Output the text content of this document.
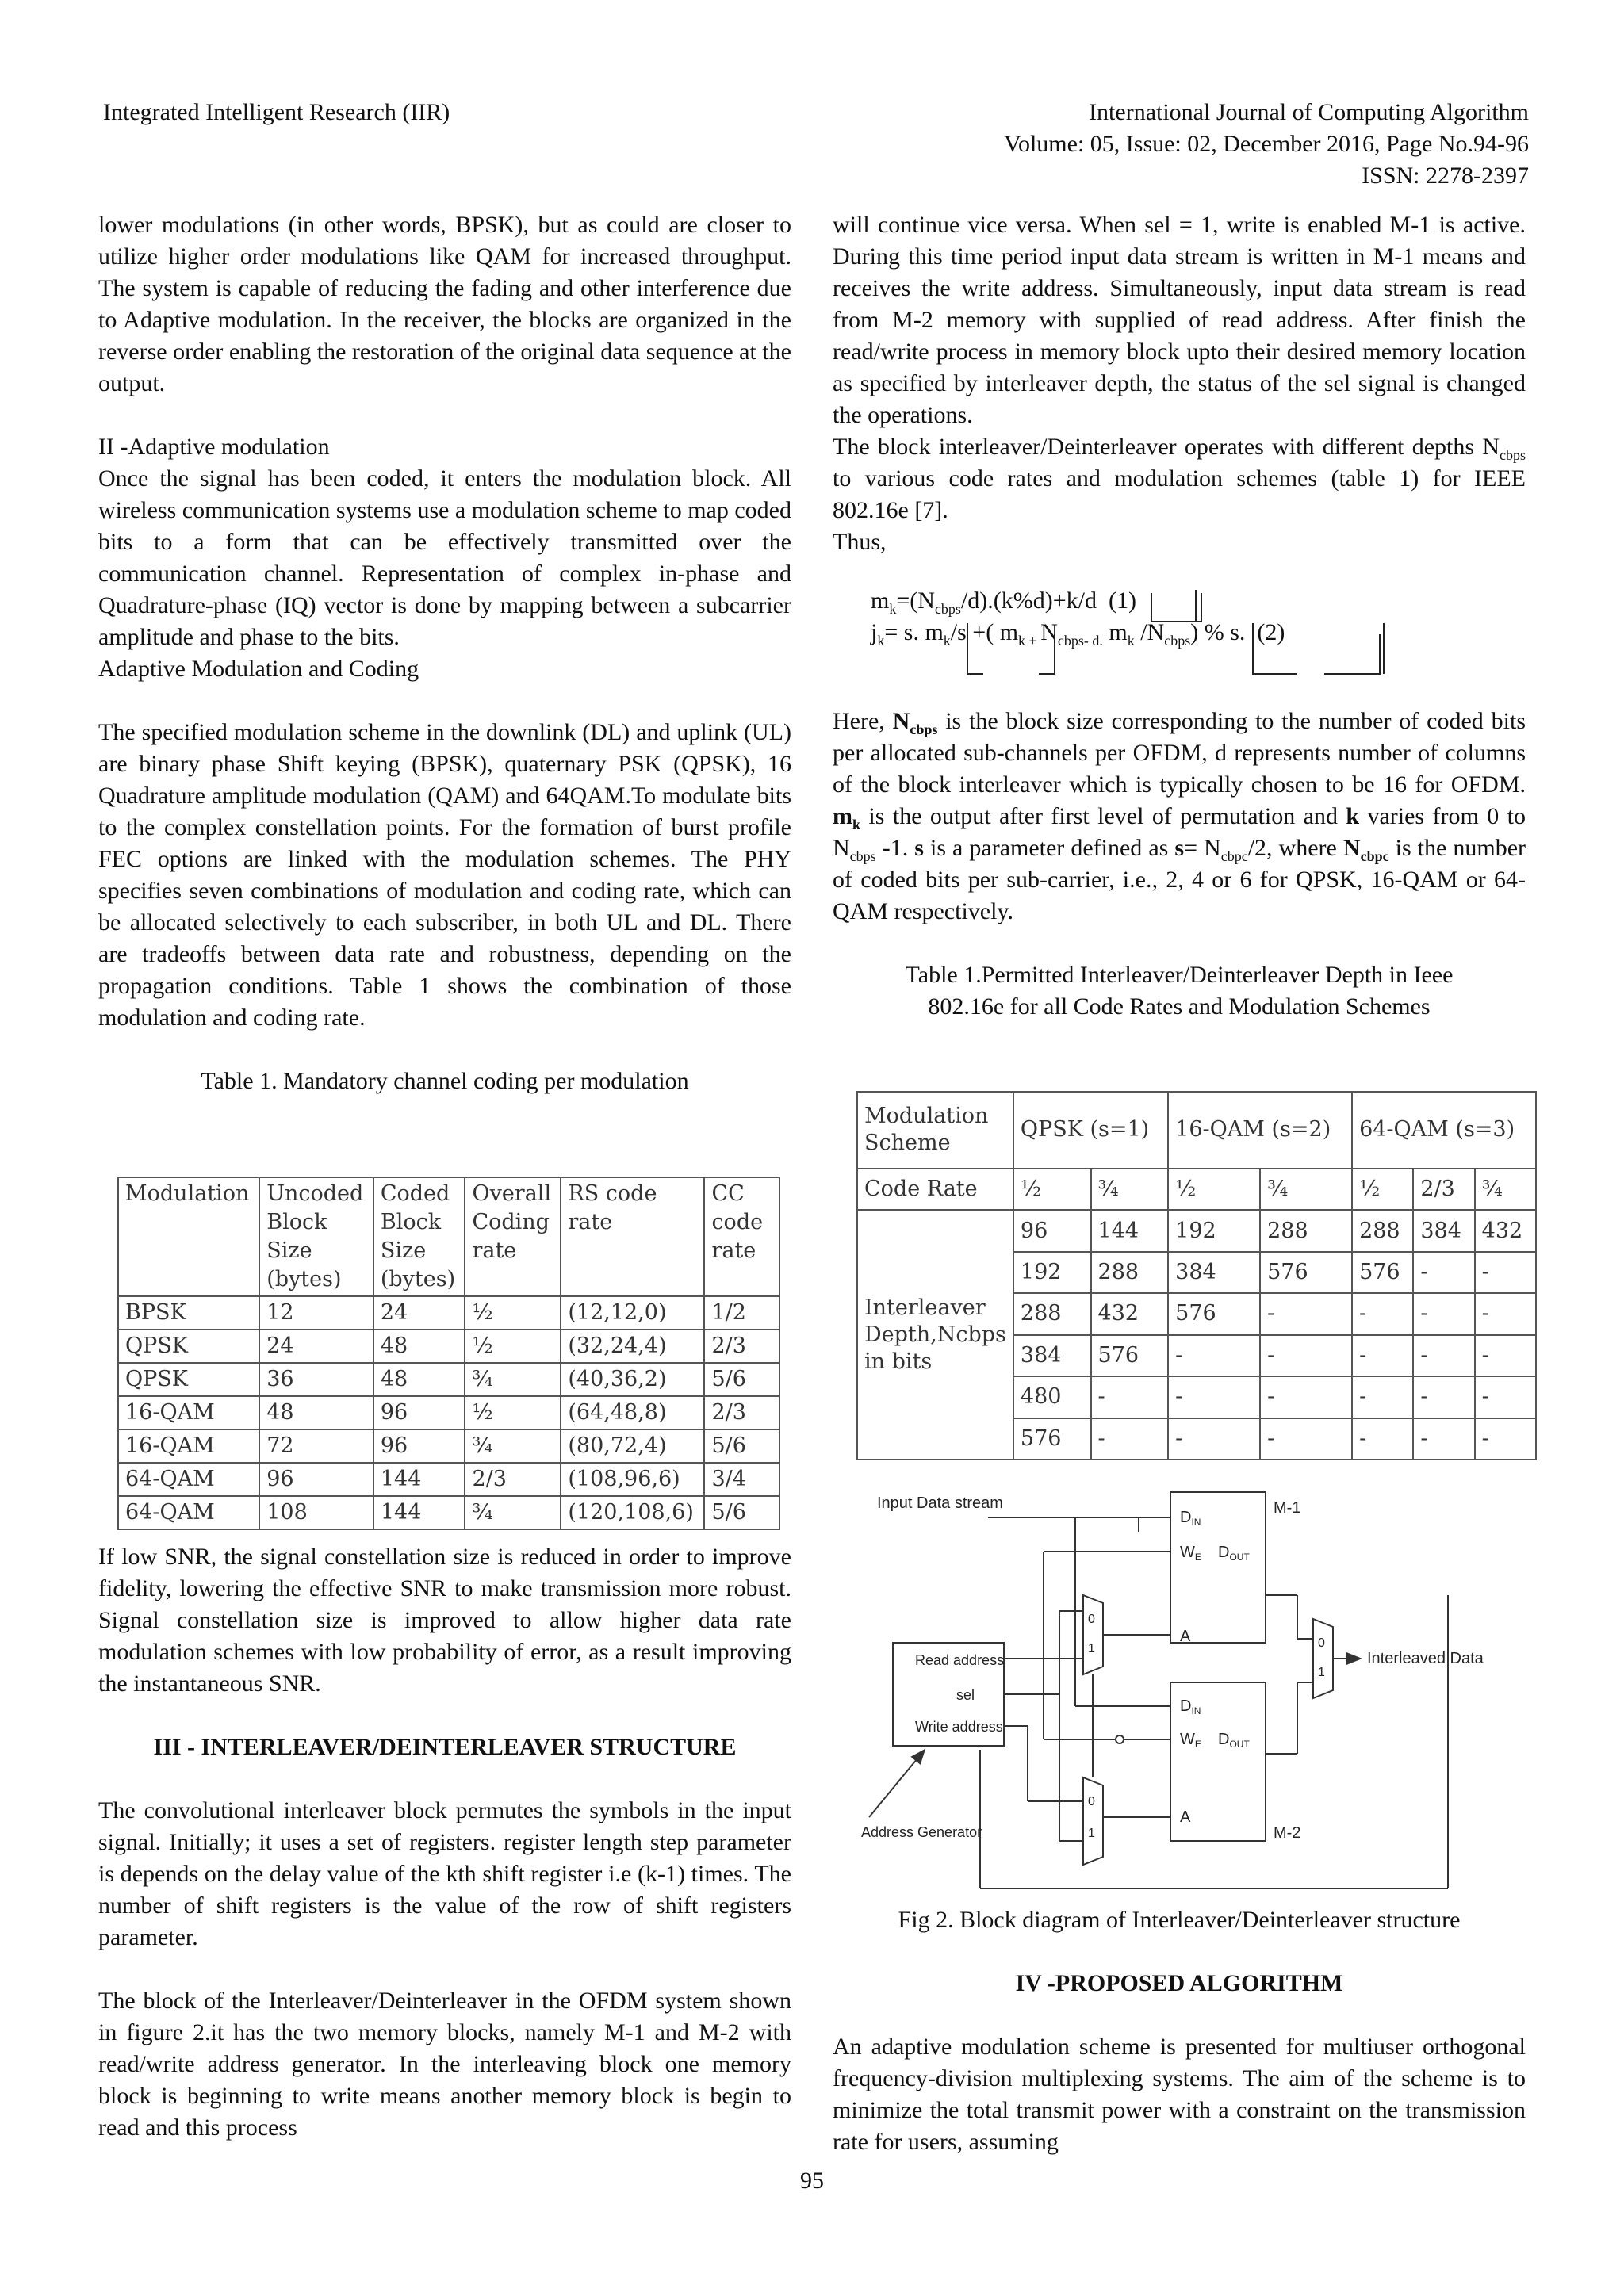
Integrated Intelligent Research (IIR)	International Journal of Computing Algorithm
Volume: 05, Issue: 02, December 2016, Page No.94-96
ISSN: 2278-2397

lower modulations (in other words, BPSK), but as could are closer to utilize higher order modulations like QAM for increased throughput. The system is capable of reducing the fading and other interference due to Adaptive modulation. In the receiver, the blocks are organized in the reverse order enabling the restoration of the original data sequence at the output.

II -Adaptive modulation

Once the signal has been coded, it enters the modulation block. All wireless communication systems use a modulation scheme to map coded bits to a form that can be effectively transmitted over the communication channel. Representation of complex in-phase and Quadrature-phase (IQ) vector is done by mapping between a subcarrier amplitude and phase to the bits.

Adaptive Modulation and Coding

The specified modulation scheme in the downlink (DL) and uplink (UL) are binary phase Shift keying (BPSK), quaternary PSK (QPSK), 16 Quadrature amplitude modulation (QAM) and 64QAM.To modulate bits to the complex constellation points. For the formation of burst profile FEC options are linked with the modulation schemes. The PHY specifies seven combinations of modulation and coding rate, which can be allocated selectively to each subscriber, in both UL and DL. There are tradeoffs between data rate and robustness, depending on the propagation conditions. Table 1 shows the combination of those modulation and coding rate.

Table 1. Mandatory channel coding per modulation

Modulation	Uncoded Block Size (bytes)	Coded Block Size (bytes)	Overall Coding rate	RS code rate	CC code rate
BPSK	12	24	½	(12,12,0)	1/2
QPSK	24	48	½	(32,24,4)	2/3
QPSK	36	48	¾	(40,36,2)	5/6
16-QAM	48	96	½	(64,48,8)	2/3
16-QAM	72	96	¾	(80,72,4)	5/6
64-QAM	96	144	2/3	(108,96,6)	3/4
64-QAM	108	144	¾	(120,108,6)	5/6

If low SNR, the signal constellation size is reduced in order to improve fidelity, lowering the effective SNR to make transmission more robust. Signal constellation size is improved to allow higher data rate modulation schemes with low probability of error, as a result improving the instantaneous SNR.

III - INTERLEAVER/DEINTERLEAVER STRUCTURE

The convolutional interleaver block permutes the symbols in the input signal. Initially; it uses a set of registers. register length step parameter is depends on the delay value of the kth shift register i.e (k-1) times. The number of shift registers is the value of the row of shift registers parameter.

The block of the Interleaver/Deinterleaver in the OFDM system shown in figure 2.it has the two memory blocks, namely M-1 and M-2 with read/write address generator. In the interleaving block one memory block is beginning to write means another memory block is begin to read and this process

will continue vice versa. When sel = 1, write is enabled M-1 is active. During this time period input data stream is written in M-1 means and receives the write address. Simultaneously, input data stream is read from M-2 memory with supplied of read address. After finish the read/write process in memory block upto their desired memory location as specified by interleaver depth, the status of the sel signal is changed the operations.

The block interleaver/Deinterleaver operates with different depths $N_{cbps}$ to various code rates and modulation schemes (table 1) for IEEE 802.16e [7].

Thus,

$m_k=(N_{cbps}/d).(k\%d)+k/d$ (1)
$j_k= s$. $m_k/s$ +( $m_{k +}$ $N_{cbps- d.}$ $m_k$ $/N_{cbps}$) % s. (2)

Here, $N_{cbps}$ is the block size corresponding to the number of coded bits per allocated sub-channels per OFDM, d represents number of columns of the block interleaver which is typically chosen to be 16 for OFDM. $m_k$ is the output after first level of permutation and k varies from 0 to $N_{cbps}$ -1. s is a parameter defined as $s= N_{cbpc}/2$, where $N_{cbpc}$ is the number of coded bits per sub-carrier, i.e., 2, 4 or 6 for QPSK, 16-QAM or 64-QAM respectively.

Table 1.Permitted Interleaver/Deinterleaver Depth in Ieee

802.16e for all Code Rates and Modulation Schemes

Modulation Scheme	QPSK (s=1)		16-QAM (s=2)		64-QAM (s=3)		
Code Rate	½	¾	½	¾	½	2/3	¾
Interleaver Depth,Ncbps in bits	96	144	192	288	288	384	432
	192	288	384	576	576	-	-
	288	432	576	-	-	-	-
	384	576	-	-	-	-	-
	480	-	-	-	-	-	-
	576	-	-	-	-	-	-
Input Data stream	M-1
M-2
$D_{IN}$
$W_E$ $D_{OUT}$
A
$D_{IN}$
$W_E$ $D_{OUT}$
A
0
1
0
1
0
1
Read address
sel
Write address
Address Generator
Interleaved Data

Fig 2. Block diagram of Interleaver/Deinterleaver structure

IV -PROPOSED ALGORITHM

An adaptive modulation scheme is presented for multiuser orthogonal frequency-division multiplexing systems. The aim of the scheme is to minimize the total transmit power with a constraint on the transmission rate for users, assuming

95
